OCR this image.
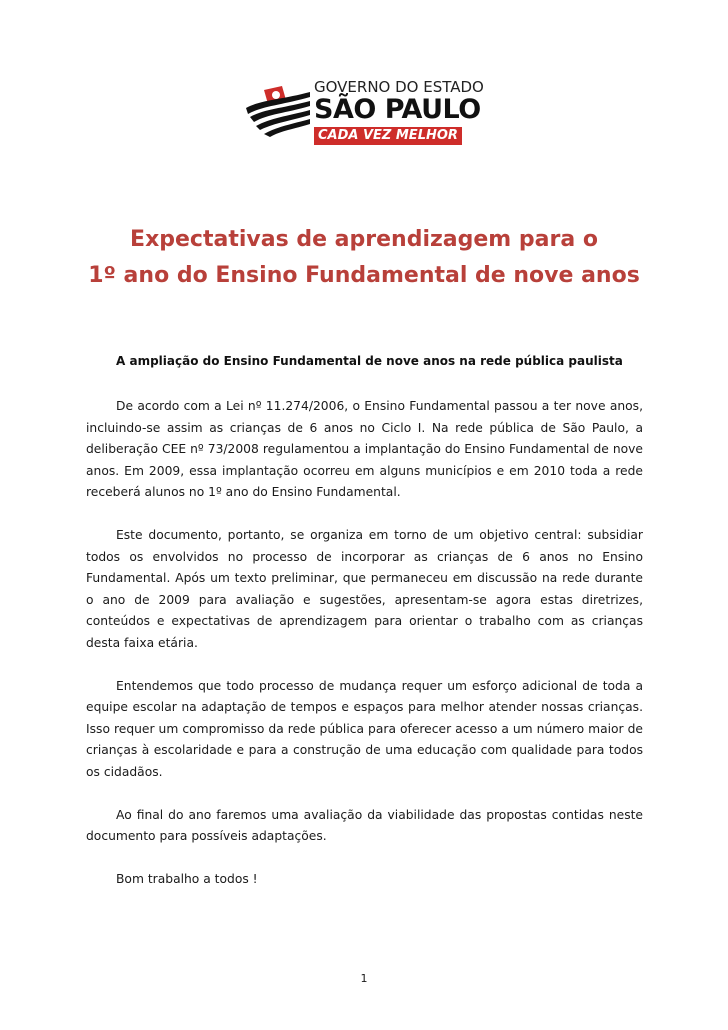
GOVERNO DO ESTADO
SÃO PAULO
CADA VEZ MELHOR
Expectativas de aprendizagem para o
1º ano do Ensino Fundamental de nove anos
A ampliação do Ensino Fundamental de nove anos na rede pública paulista

De acordo com a Lei nº 11.274/2006, o Ensino Fundamental passou a ter nove anos, incluindo-se assim as crianças de 6 anos no Ciclo I. Na rede pública de São Paulo, a deliberação CEE nº 73/2008 regulamentou a implantação do Ensino Fundamental de nove anos. Em 2009, essa implantação ocorreu em alguns municípios e em 2010 toda a rede receberá alunos no 1º ano do Ensino Fundamental.

Este documento, portanto, se organiza em torno de um objetivo central: subsidiar todos os envolvidos no processo de incorporar as crianças de 6 anos no Ensino Fundamental. Após um texto preliminar, que permaneceu em discussão na rede durante o ano de 2009 para avaliação e sugestões, apresentam-se agora estas diretrizes, conteúdos e expectativas de aprendizagem para orientar o trabalho com as crianças desta faixa etária.

Entendemos que todo processo de mudança requer um esforço adicional de toda a equipe escolar na adaptação de tempos e espaços para melhor atender nossas crianças. Isso requer um compromisso da rede pública para oferecer acesso a um número maior de crianças à escolaridade e para a construção de uma educação com qualidade para todos os cidadãos.

Ao final do ano faremos uma avaliação da viabilidade das propostas contidas neste documento para possíveis adaptações.

Bom trabalho a todos !

1
